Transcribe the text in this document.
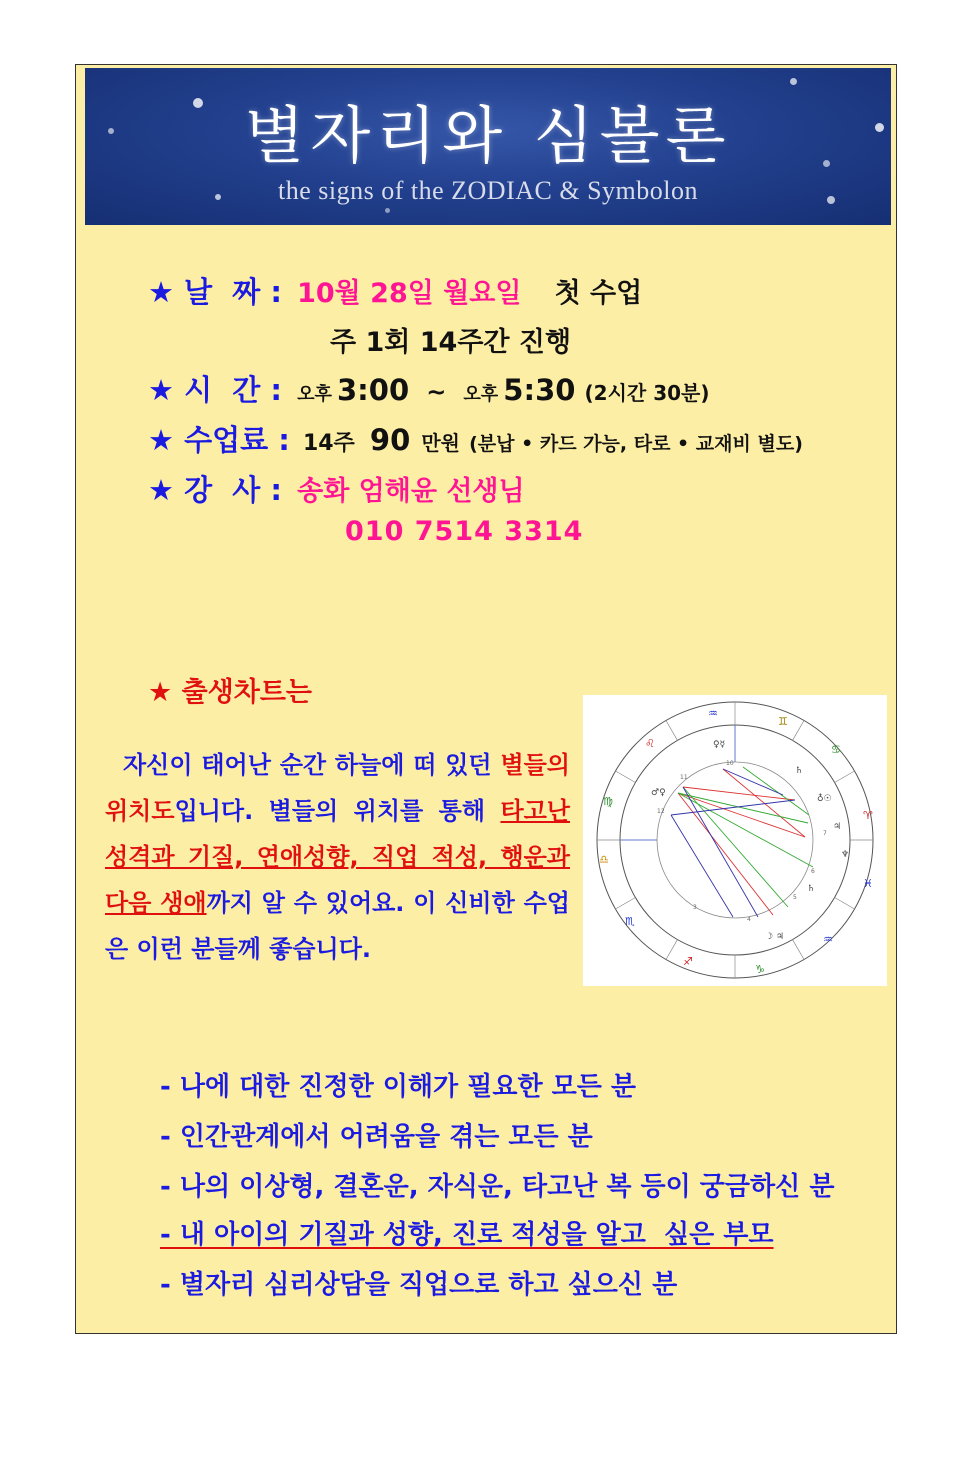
별자리와 심볼론
the signs of the ZODIAC & Symbolon
★ 날  짜 : 10월 28일 월요일 첫 수업
주 1회 14주간 진행
★ 시  간 : 오후 3:00 ~ 오후 5:30 (2시간 30분)
★ 수업료 : 14주 90 만원 (분납 • 카드 가능, 타로 • 교재비 별도)
★ 강  사 : 송화 엄해윤 선생님
010 7514 3314
★ 출생차트는
자신이 태어난 순간 하늘에 떠 있던 별들의 위치도입니다. 별들의 위치를 통해 타고난 성격과 기질, 연애성향, 직업 적성, 행운과 다음 생애까지 알 수 있어요. 이 신비한 수업은 이런 분들께 좋습니다.
♒
♊
♌	♋
♍
♈
♎
♓
♏
♒
♐
♑
♀☿
♂♀
♄
♁☉
♃
♆
♄
☽ ♃
10
11
12
7
6
5
4
3
- 나에 대한 진정한 이해가 필요한 모든 분
- 인간관계에서 어려움을 겪는 모든 분
- 나의 이상형, 결혼운, 자식운, 타고난 복 등이 궁금하신 분
- 내 아이의 기질과 성향, 진로 적성을 알고  싶은 부모
- 별자리 심리상담을 직업으로 하고 싶으신 분
